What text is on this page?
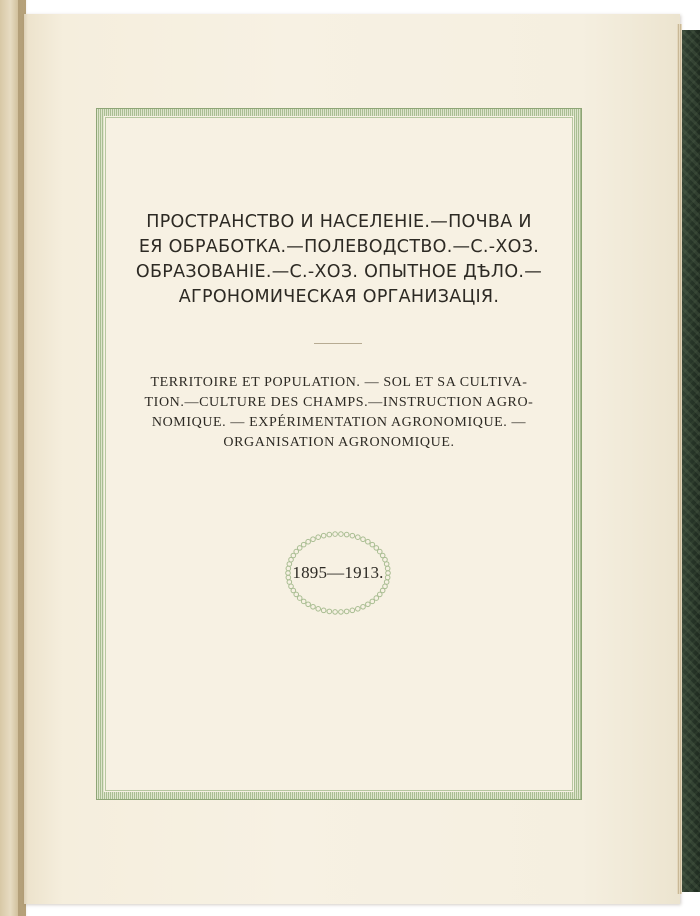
ПРОСТРАНСТВО И НАСЕЛЕНІЕ.—ПОЧВА И
ЕЯ ОБРАБОТКА.—ПОЛЕВОДСТВО.—С.-ХОЗ.
ОБРАЗОВАНІЕ.—С.-ХОЗ. ОПЫТНОЕ ДѢЛО.—
АГРОНОМИЧЕСКАЯ ОРГАНИЗАЦІЯ.
TERRITOIRE ET POPULATION. — SOL ET SA CULTIVA-
TION.—CULTURE DES CHAMPS.—INSTRUCTION AGRO-
NOMIQUE. — EXPÉRIMENTATION AGRONOMIQUE. —
ORGANISATION AGRONOMIQUE.
1895—1913.
